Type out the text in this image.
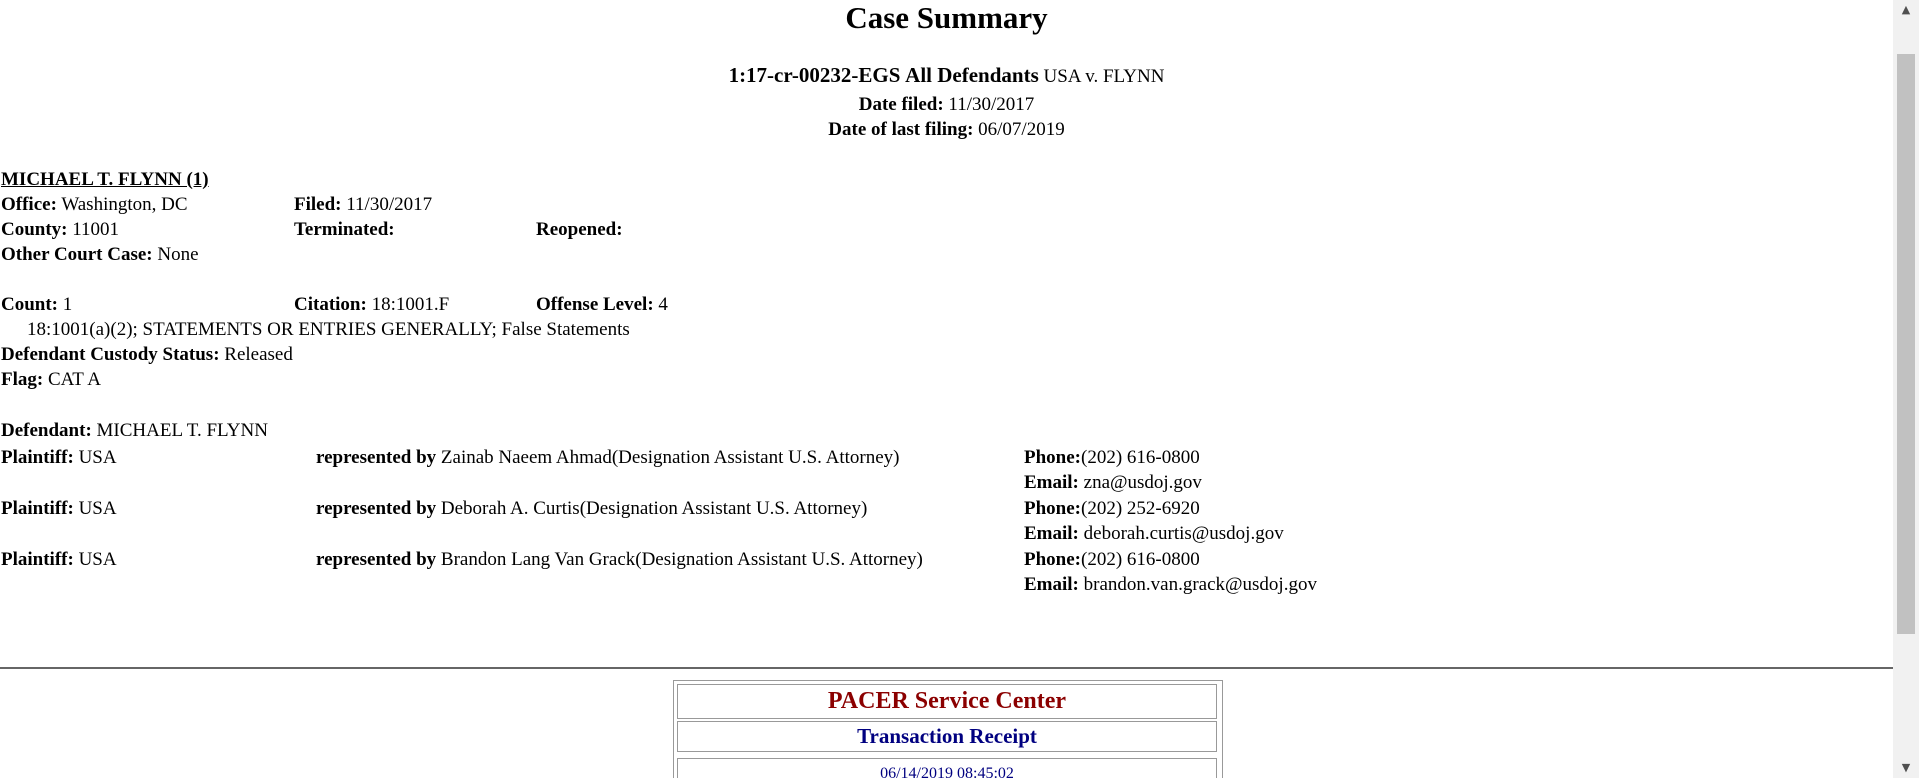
Case Summary
1:17-cr-00232-EGS All Defendants USA v. FLYNN
Date filed: 11/30/2017
Date of last filing: 06/07/2019
MICHAEL T. FLYNN (1)
Office: Washington, DC	Filed: 11/30/2017
County: 11001	Terminated:	Reopened:
Other Court Case: None
Count: 1	Citation: 18:1001.F	Offense Level: 4
18:1001(a)(2); STATEMENTS OR ENTRIES GENERALLY; False Statements
Defendant Custody Status: Released
Flag: CAT A
Defendant: MICHAEL T. FLYNN
Plaintiff: USA	represented by Zainab Naeem Ahmad(Designation Assistant U.S. Attorney)	Phone:(202) 616-0800
Email: zna@usdoj.gov
Plaintiff: USA	represented by Deborah A. Curtis(Designation Assistant U.S. Attorney)	Phone:(202) 252-6920
Email: deborah.curtis@usdoj.gov
Plaintiff: USA	represented by Brandon Lang Van Grack(Designation Assistant U.S. Attorney)	Phone:(202) 616-0800
Email: brandon.van.grack@usdoj.gov
PACER Service Center
Transaction Receipt
06/14/2019 08:45:02
▲
▼
